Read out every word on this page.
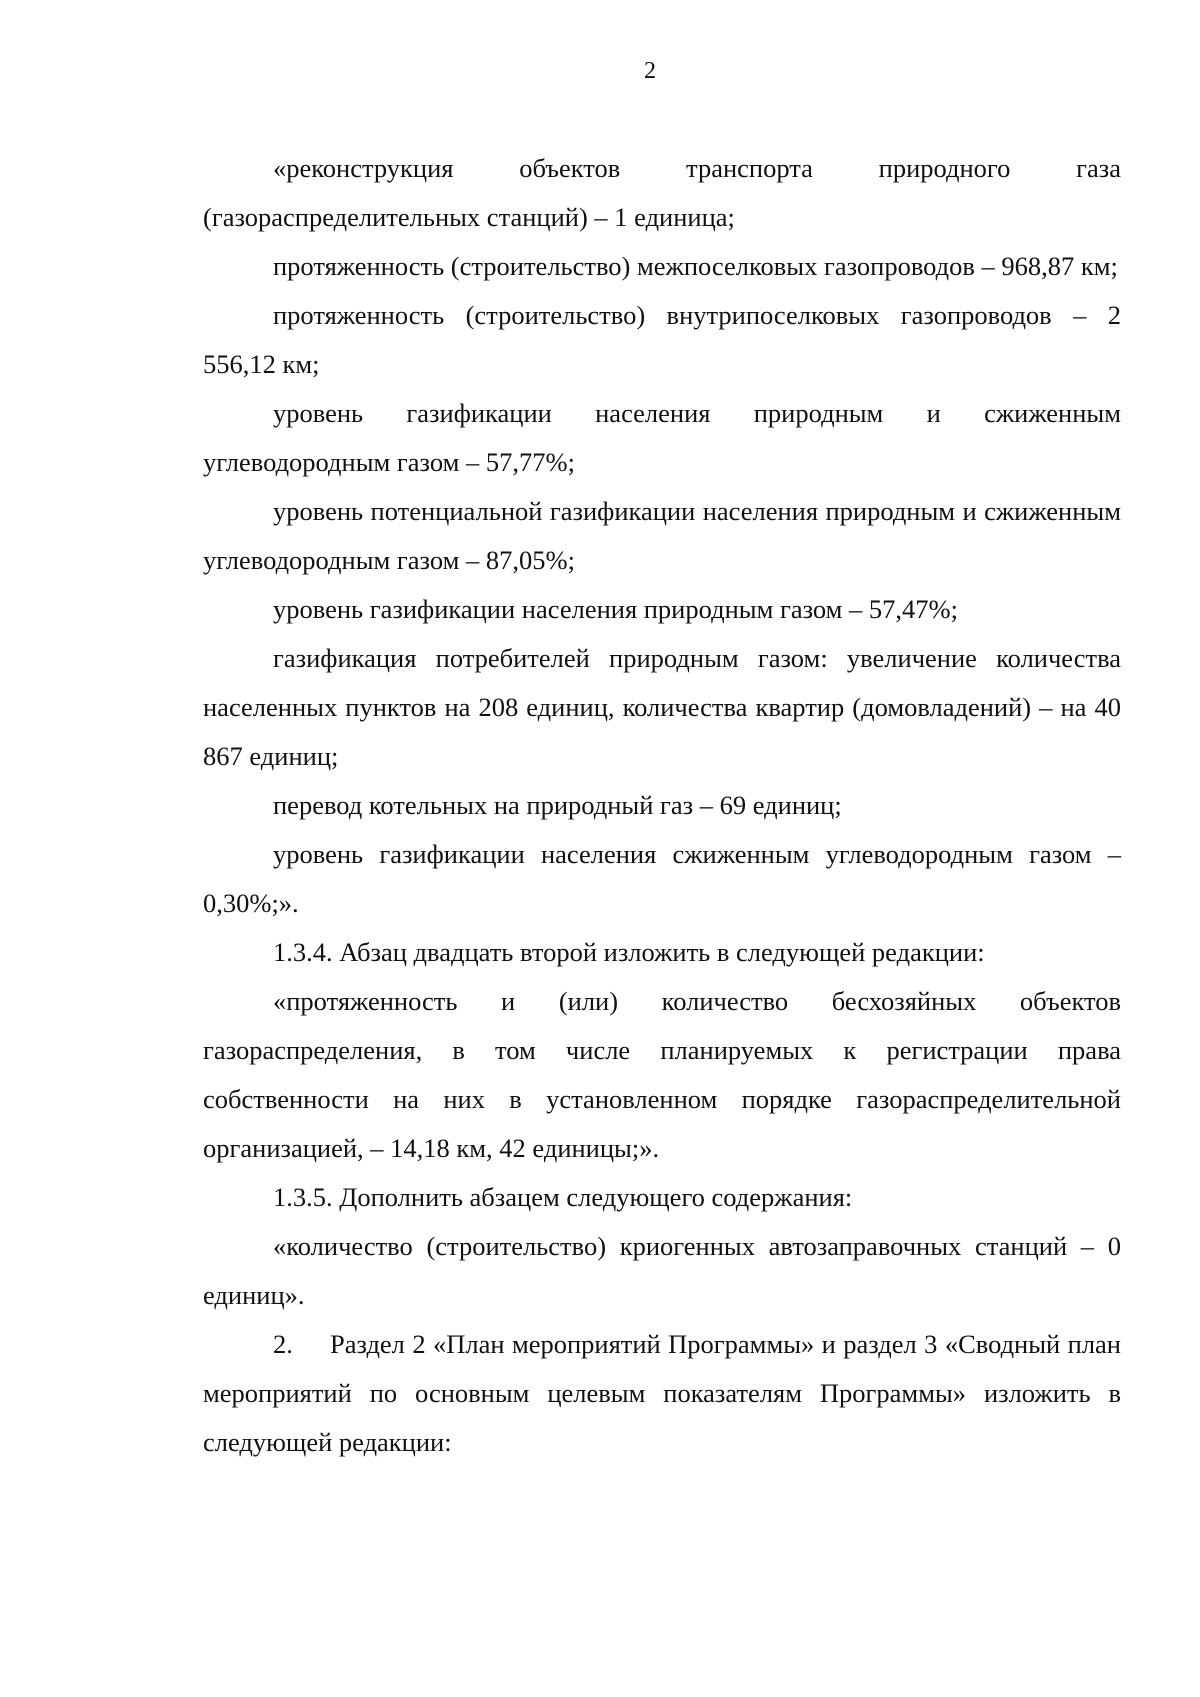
2

«реконструкция объектов транспорта природного газа (газораспределительных станций) – 1 единица;

протяженность (строительство) межпоселковых газопроводов – 968,87 км;

протяженность (строительство) внутрипоселковых газопроводов – 2 556,12 км;

уровень газификации населения природным и сжиженным углеводородным газом – 57,77%;

уровень потенциальной газификации населения природным и сжиженным углеводородным газом – 87,05%;

уровень газификации населения природным газом – 57,47%;

газификация потребителей природным газом: увеличение количества населенных пунктов на 208 единиц, количества квартир (домовладений) – на 40 867 единиц;

перевод котельных на природный газ – 69 единиц;

уровень газификации населения сжиженным углеводородным газом – 0,30%;».

1.3.4. Абзац двадцать второй изложить в следующей редакции:

«протяженность и (или) количество бесхозяйных объектов газораспределения, в том числе планируемых к регистрации права собственности на них в установленном порядке газораспределительной организацией, – 14,18 км, 42 единицы;».

1.3.5. Дополнить абзацем следующего содержания:

«количество (строительство) криогенных автозаправочных станций – 0 единиц».

2.     Раздел 2 «План мероприятий Программы» и раздел 3 «Сводный план мероприятий по основным целевым показателям Программы» изложить в следующей редакции:
